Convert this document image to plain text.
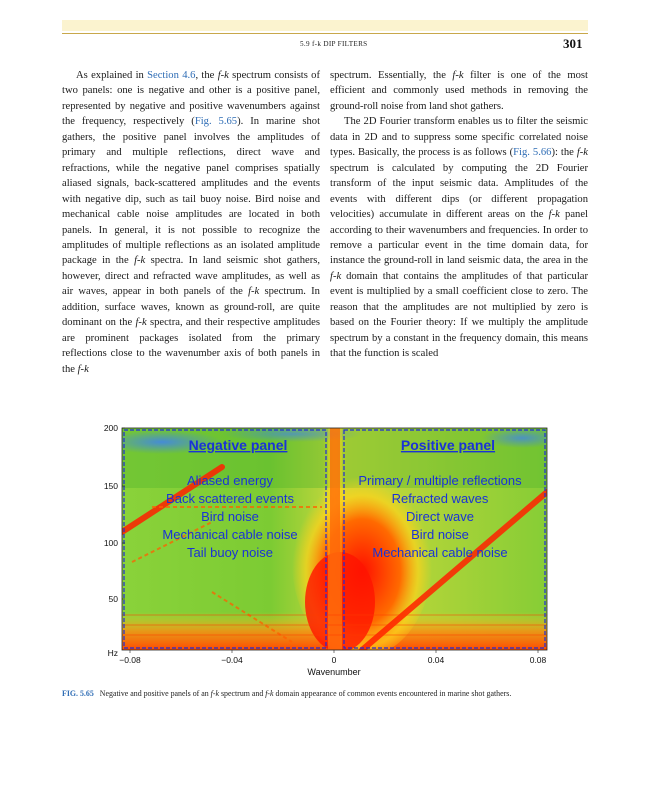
5.9 f-k DIP FILTERS	301

As explained in Section 4.6, the f-k spectrum consists of two panels: one is negative and other is a positive panel, represented by negative and positive wavenumbers against the frequency, respectively (Fig. 5.65). In marine shot gathers, the positive panel involves the amplitudes of primary and multiple reflections, direct wave and refractions, while the negative panel comprises spatially aliased signals, back-scattered amplitudes and the events with negative dip, such as tail buoy noise. Bird noise and mechanical cable noise amplitudes are located in both panels. In general, it is not possible to recognize the amplitudes of multiple reflections as an isolated amplitude package in the f-k spectra. In land seismic shot gathers, however, direct and refracted wave amplitudes, as well as air waves, appear in both panels of the f-k spectrum. In addition, surface waves, known as ground-roll, are quite dominant on the f-k spectra, and their respective amplitudes are prominent packages isolated from the primary reflections close to the wavenumber axis of both panels in the f-k

spectrum. Essentially, the f-k filter is one of the most efficient and commonly used methods in removing the ground-roll noise from land shot gathers.

The 2D Fourier transform enables us to filter the seismic data in 2D and to suppress some specific correlated noise types. Basically, the process is as follows (Fig. 5.66): the f-k spectrum is calculated by computing the 2D Fourier transform of the input seismic data. Amplitudes of the events with different dips (or different propagation velocities) accumulate in different areas on the f-k panel according to their wavenumbers and frequencies. In order to remove a particular event in the time domain data, for instance the ground-roll in land seismic data, the area in the f-k domain that contains the amplitudes of that particular event is multiplied by a small coefficient close to zero. The reason that the amplitudes are not multiplied by zero is based on the Fourier theory: If we multiply the amplitude spectrum by a constant in the frequency domain, this means that the function is scaled

Negative panel	Positive panel
Aliased energy
Back scattered events
Bird noise
Mechanical cable noise
Tail buoy noise
Primary / multiple reflections
Refracted waves
Direct wave
Bird noise
Mechanical cable noise
200
150
100
50
Hz
−0.08	−0.04	0	0.04	0.08
Wavenumber
FIG. 5.65 Negative and positive panels of an f-k spectrum and f-k domain appearance of common events encountered in marine shot gathers.
